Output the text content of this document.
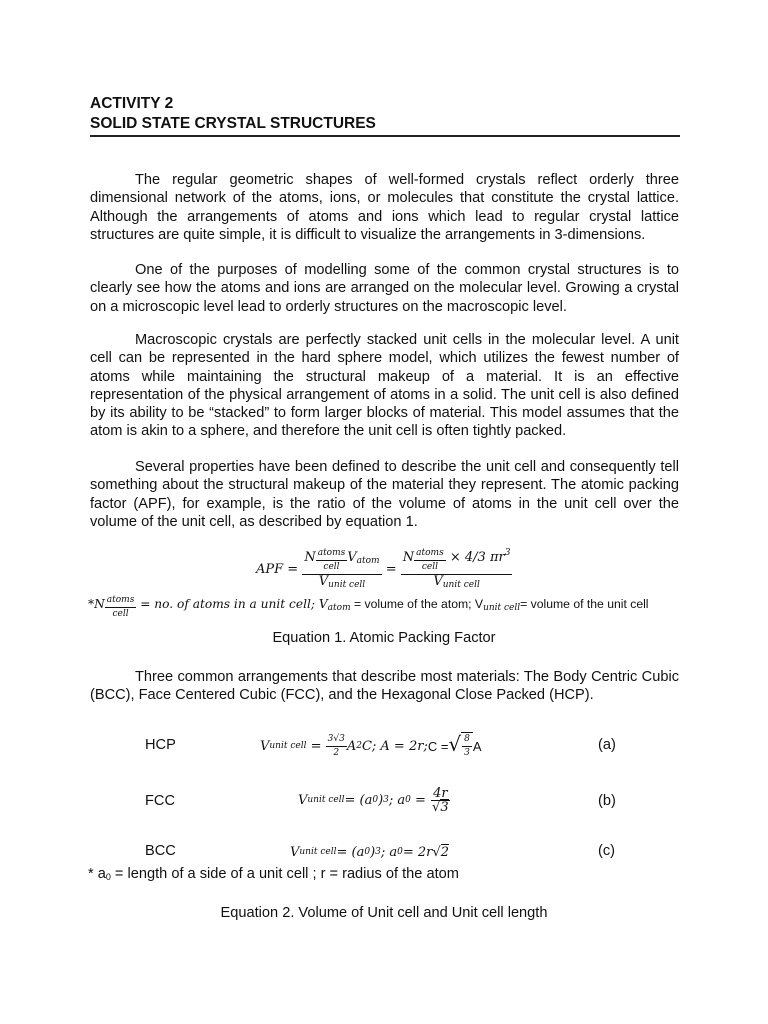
ACTIVITY 2
SOLID STATE CRYSTAL STRUCTURES

The regular geometric shapes of well-formed crystals reflect orderly three dimensional network of the atoms, ions, or molecules that constitute the crystal lattice. Although the arrangements of atoms and ions which lead to regular crystal lattice structures are quite simple, it is difficult to visualize the arrangements in 3-dimensions.

One of the purposes of modelling some of the common crystal structures is to clearly see how the atoms and ions are arranged on the molecular level. Growing a crystal on a microscopic level lead to orderly structures on the macroscopic level.

Macroscopic crystals are perfectly stacked unit cells in the molecular level. A unit cell can be represented in the hard sphere model, which utilizes the fewest number of atoms while maintaining the structural makeup of a material. It is an effective representation of the physical arrangement of atoms in a solid. The unit cell is also defined by its ability to be “stacked” to form larger blocks of material. This model assumes that the atom is akin to a sphere, and therefore the unit cell is often tightly packed.

Several properties have been defined to describe the unit cell and consequently tell something about the structural makeup of the material they represent. The atomic packing factor (APF), for example, is the ratio of the volume of atoms in the unit cell over the volume of the unit cell, as described by equation 1.

APF = N $_{\frac{\text{atoms}}{\text{cell}}}$ $V_{atom}$
$V_{unit cell} = N$ $_{\frac{\text{atoms}}{\text{cell}}}$ × 4/3 $\pi r^3$
$V_{unit cell}$
*N $_{\frac{\text{atoms}}{\text{cell}}}$ = no. of atoms in a unit cell; $V_{atom}$ = volume of the atom; $V_{unit cell}=$ volume of the unit cell
Equation 1. Atomic Packing Factor

Three common arrangements that describe most materials: The Body Centric Cubic (BCC), Face Centered Cubic (FCC), and the Hexagonal Close Packed (HCP).

HCP	V unit cell = $\frac{3√3}{2}$ A 2 C; A = 2r; C = √ $\frac{8}{3}$ A	(a)
FCC	V unit cell = (a 0 ) 3 ; a $0 = \frac{4r}{√3}$	(b)
BCC	V unit cell = (a 0 ) 3 ; a 0 = 2r √ 2	(c)
* $a_0$ = length of a side of a unit cell ; r = radius of the atom
Equation 2. Volume of Unit cell and Unit cell length
